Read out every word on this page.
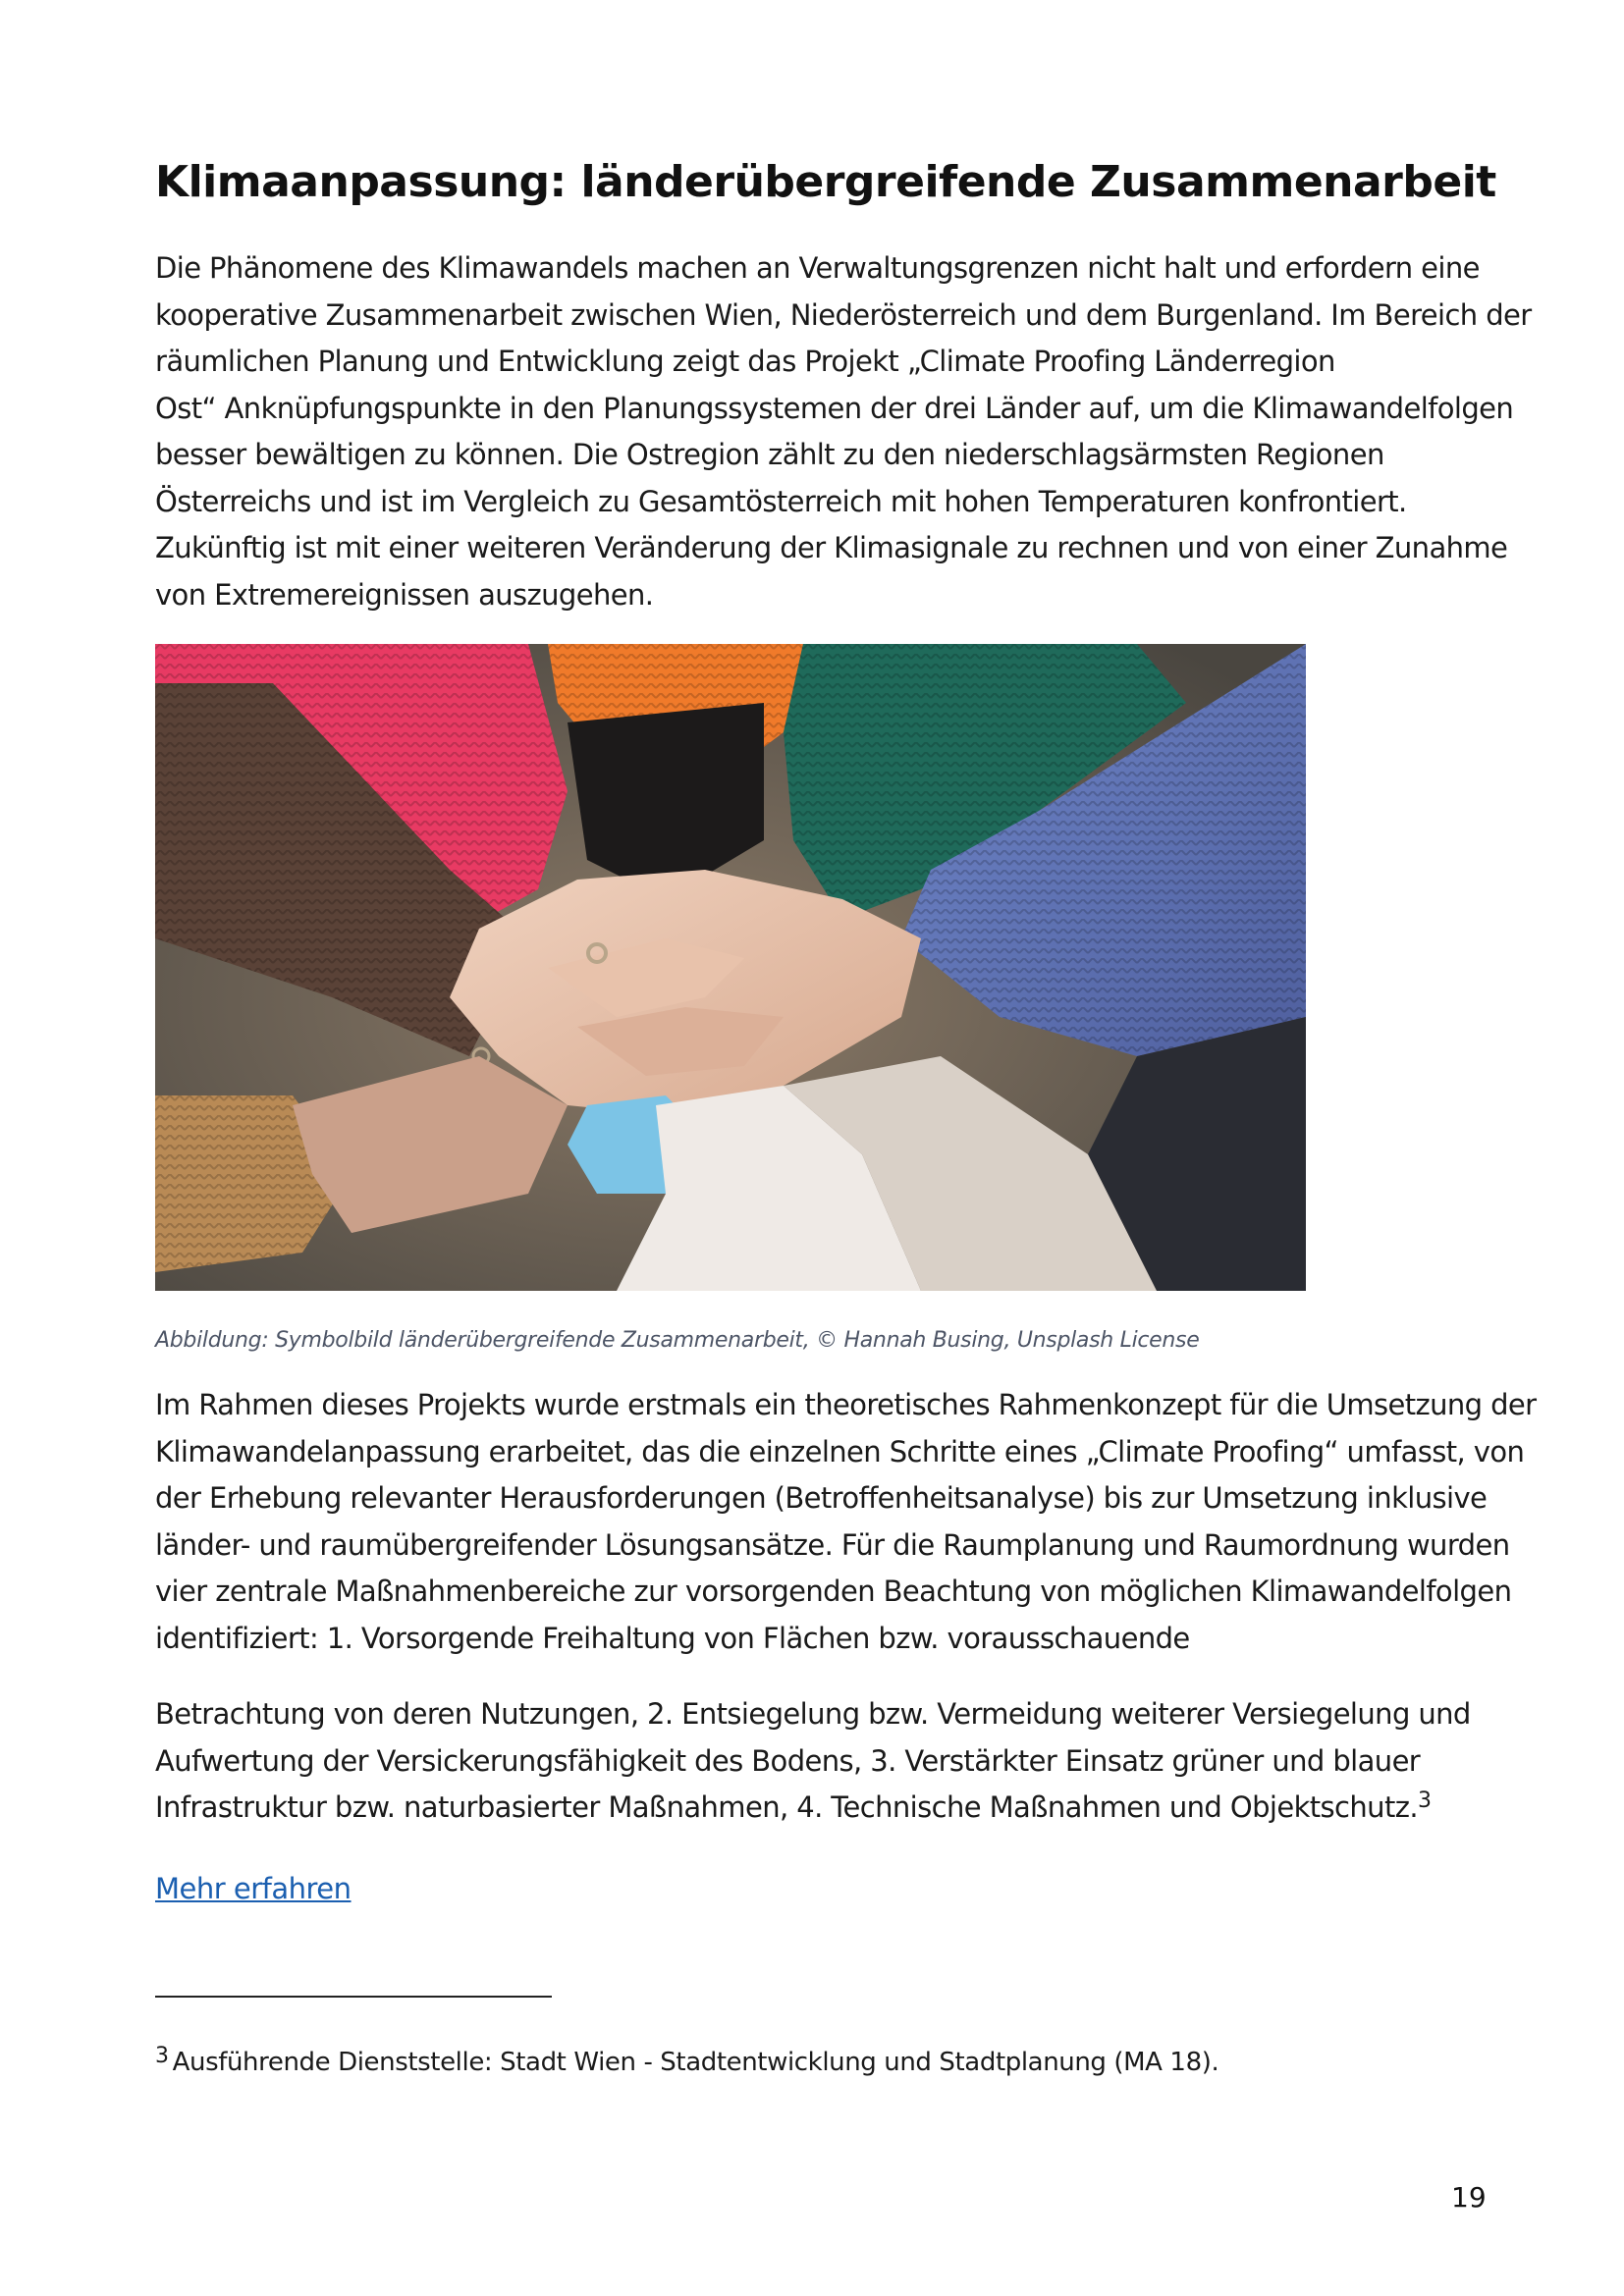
Klimaanpassung: länderübergreifende Zusammenarbeit

Die Phänomene des Klimawandels machen an Verwaltungsgrenzen nicht halt und erfordern eine
kooperative Zusammenarbeit zwischen Wien, Niederösterreich und dem Burgenland. Im Bereich der
räumlichen Planung und Entwicklung zeigt das Projekt „Climate Proofing Länderregion
Ost“ Anknüpfungspunkte in den Planungssystemen der drei Länder auf, um die Klimawandelfolgen
besser bewältigen zu können. Die Ostregion zählt zu den niederschlagsärmsten Regionen
Österreichs und ist im Vergleich zu Gesamtösterreich mit hohen Temperaturen konfrontiert.
Zukünftig ist mit einer weiteren Veränderung der Klimasignale zu rechnen und von einer Zunahme
von Extremereignissen auszugehen.

Abbildung: Symbolbild länderübergreifende Zusammenarbeit, © Hannah Busing, Unsplash License

Im Rahmen dieses Projekts wurde erstmals ein theoretisches Rahmenkonzept für die Umsetzung der
Klimawandelanpassung erarbeitet, das die einzelnen Schritte eines „Climate Proofing“ umfasst, von
der Erhebung relevanter Herausforderungen (Betroffenheitsanalyse) bis zur Umsetzung inklusive
länder- und raumübergreifender Lösungsansätze. Für die Raumplanung und Raumordnung wurden
vier zentrale Maßnahmenbereiche zur vorsorgenden Beachtung von möglichen Klimawandelfolgen
identifiziert: 1. Vorsorgende Freihaltung von Flächen bzw. vorausschauende

Betrachtung von deren Nutzungen, 2. Entsiegelung bzw. Vermeidung weiterer Versiegelung und
Aufwertung der Versickerungsfähigkeit des Bodens, 3. Verstärkter Einsatz grüner und blauer
Infrastruktur bzw. naturbasierter Maßnahmen, 4. Technische Maßnahmen und Objektschutz.$^3$

Mehr erfahren

$^3$ Ausführende Dienststelle: Stadt Wien - Stadtentwicklung und Stadtplanung (MA 18).

19
